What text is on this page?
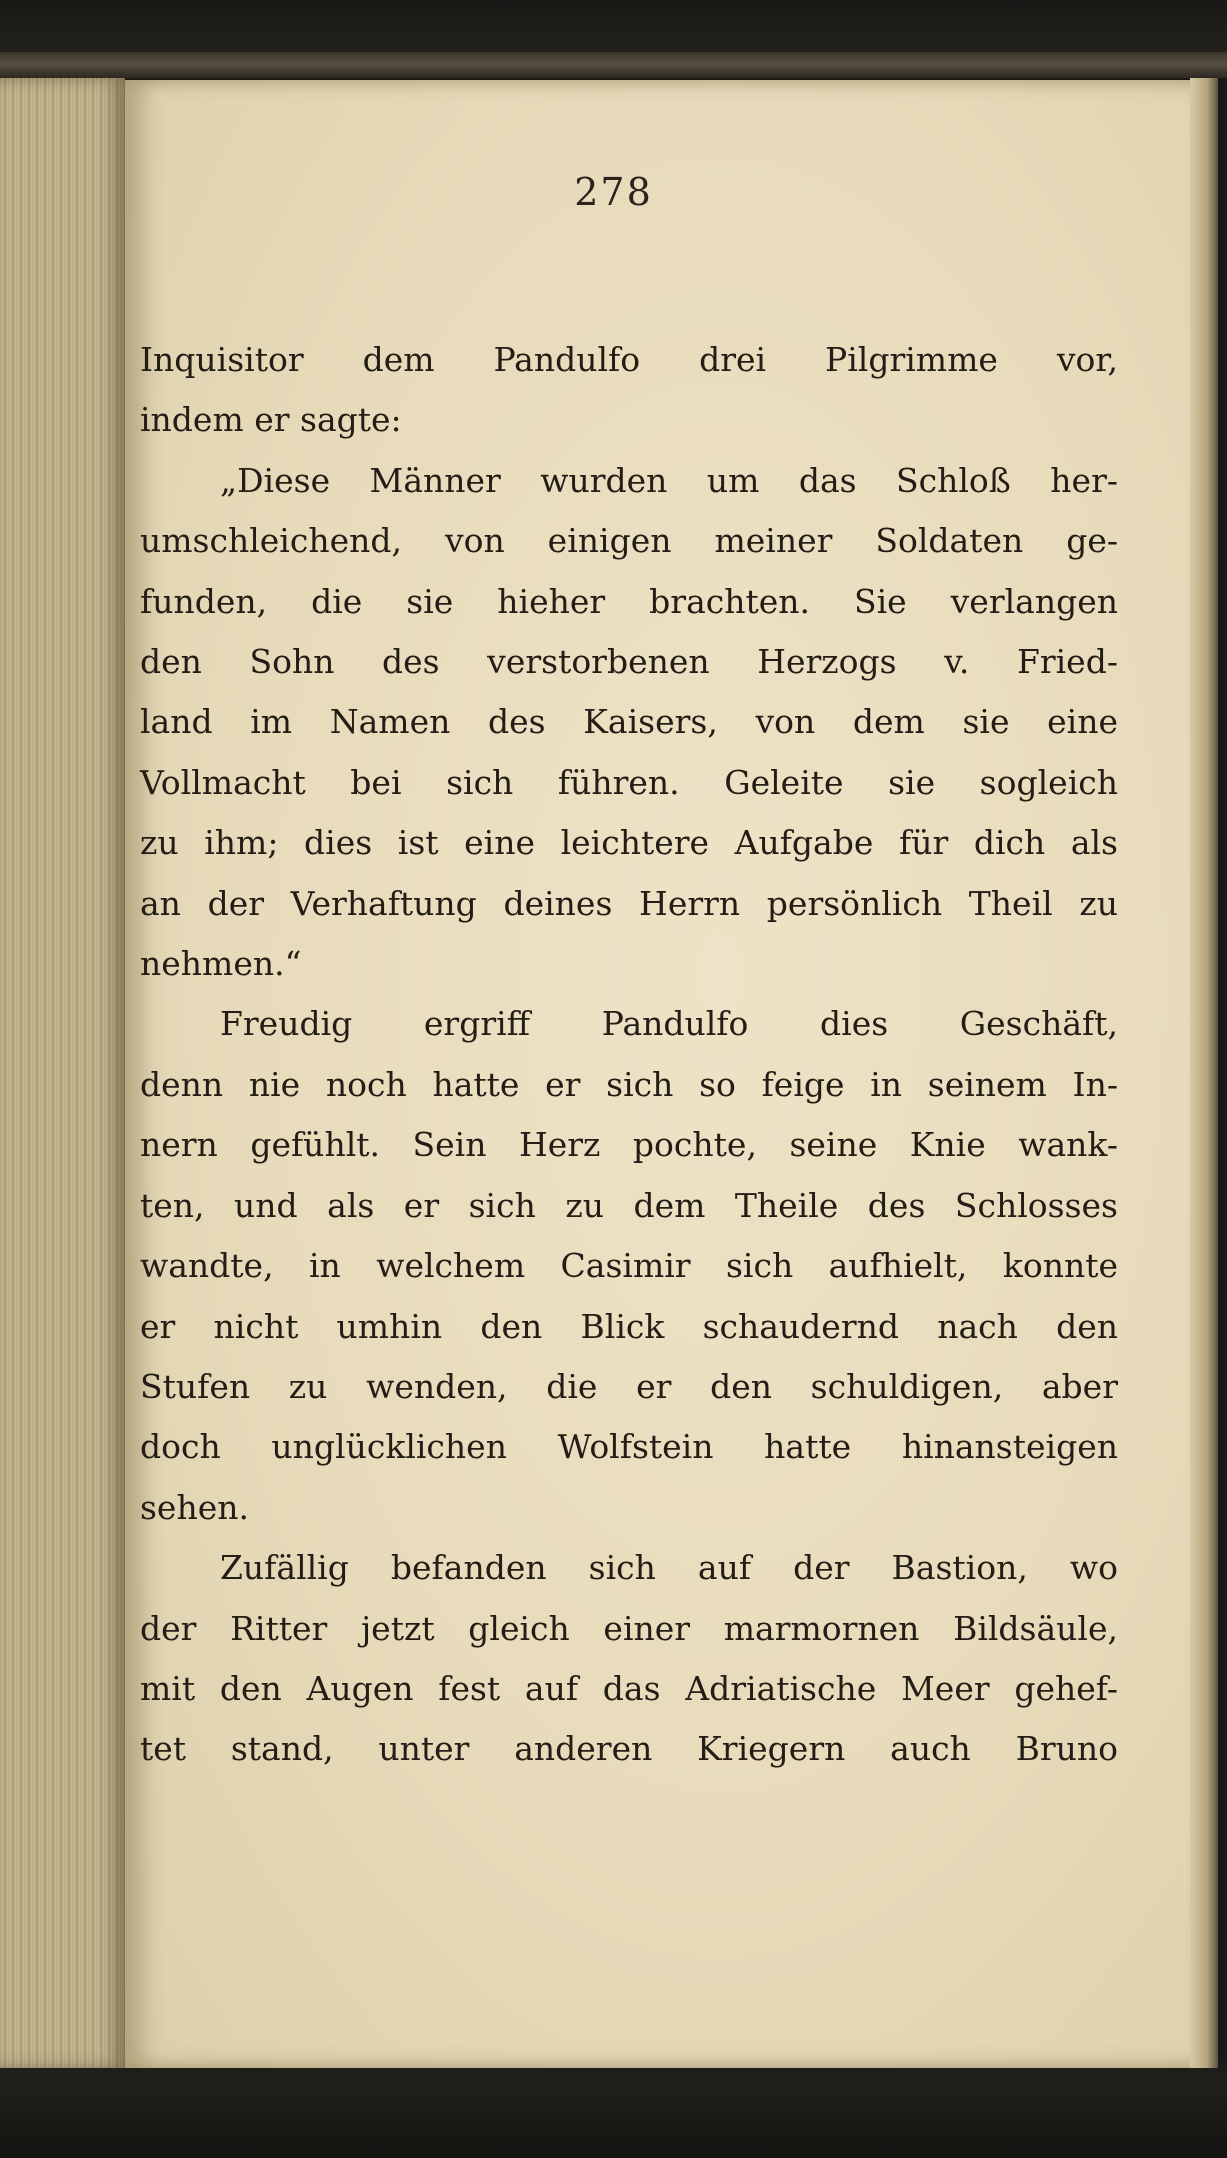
278
Inquisitor dem Pandulfo drei Pilgrimme vor,
indem er sagte:
„Diese Männer wurden um das Schloß her-
umschleichend, von einigen meiner Soldaten ge-
funden, die sie hieher brachten. Sie verlangen
den Sohn des verstorbenen Herzogs v. Fried-
land im Namen des Kaisers, von dem sie eine
Vollmacht bei sich führen. Geleite sie sogleich
zu ihm; dies ist eine leichtere Aufgabe für dich als
an der Verhaftung deines Herrn persönlich Theil zu
nehmen.“
Freudig ergriff Pandulfo dies Geschäft,
denn nie noch hatte er sich so feige in seinem In-
nern gefühlt. Sein Herz pochte, seine Knie wank-
ten, und als er sich zu dem Theile des Schlosses
wandte, in welchem Casimir sich aufhielt, konnte
er nicht umhin den Blick schaudernd nach den
Stufen zu wenden, die er den schuldigen, aber
doch unglücklichen Wolfstein hatte hinansteigen
sehen.
Zufällig befanden sich auf der Bastion, wo
der Ritter jetzt gleich einer marmornen Bildsäule,
mit den Augen fest auf das Adriatische Meer gehef-
tet stand, unter anderen Kriegern auch Bruno
